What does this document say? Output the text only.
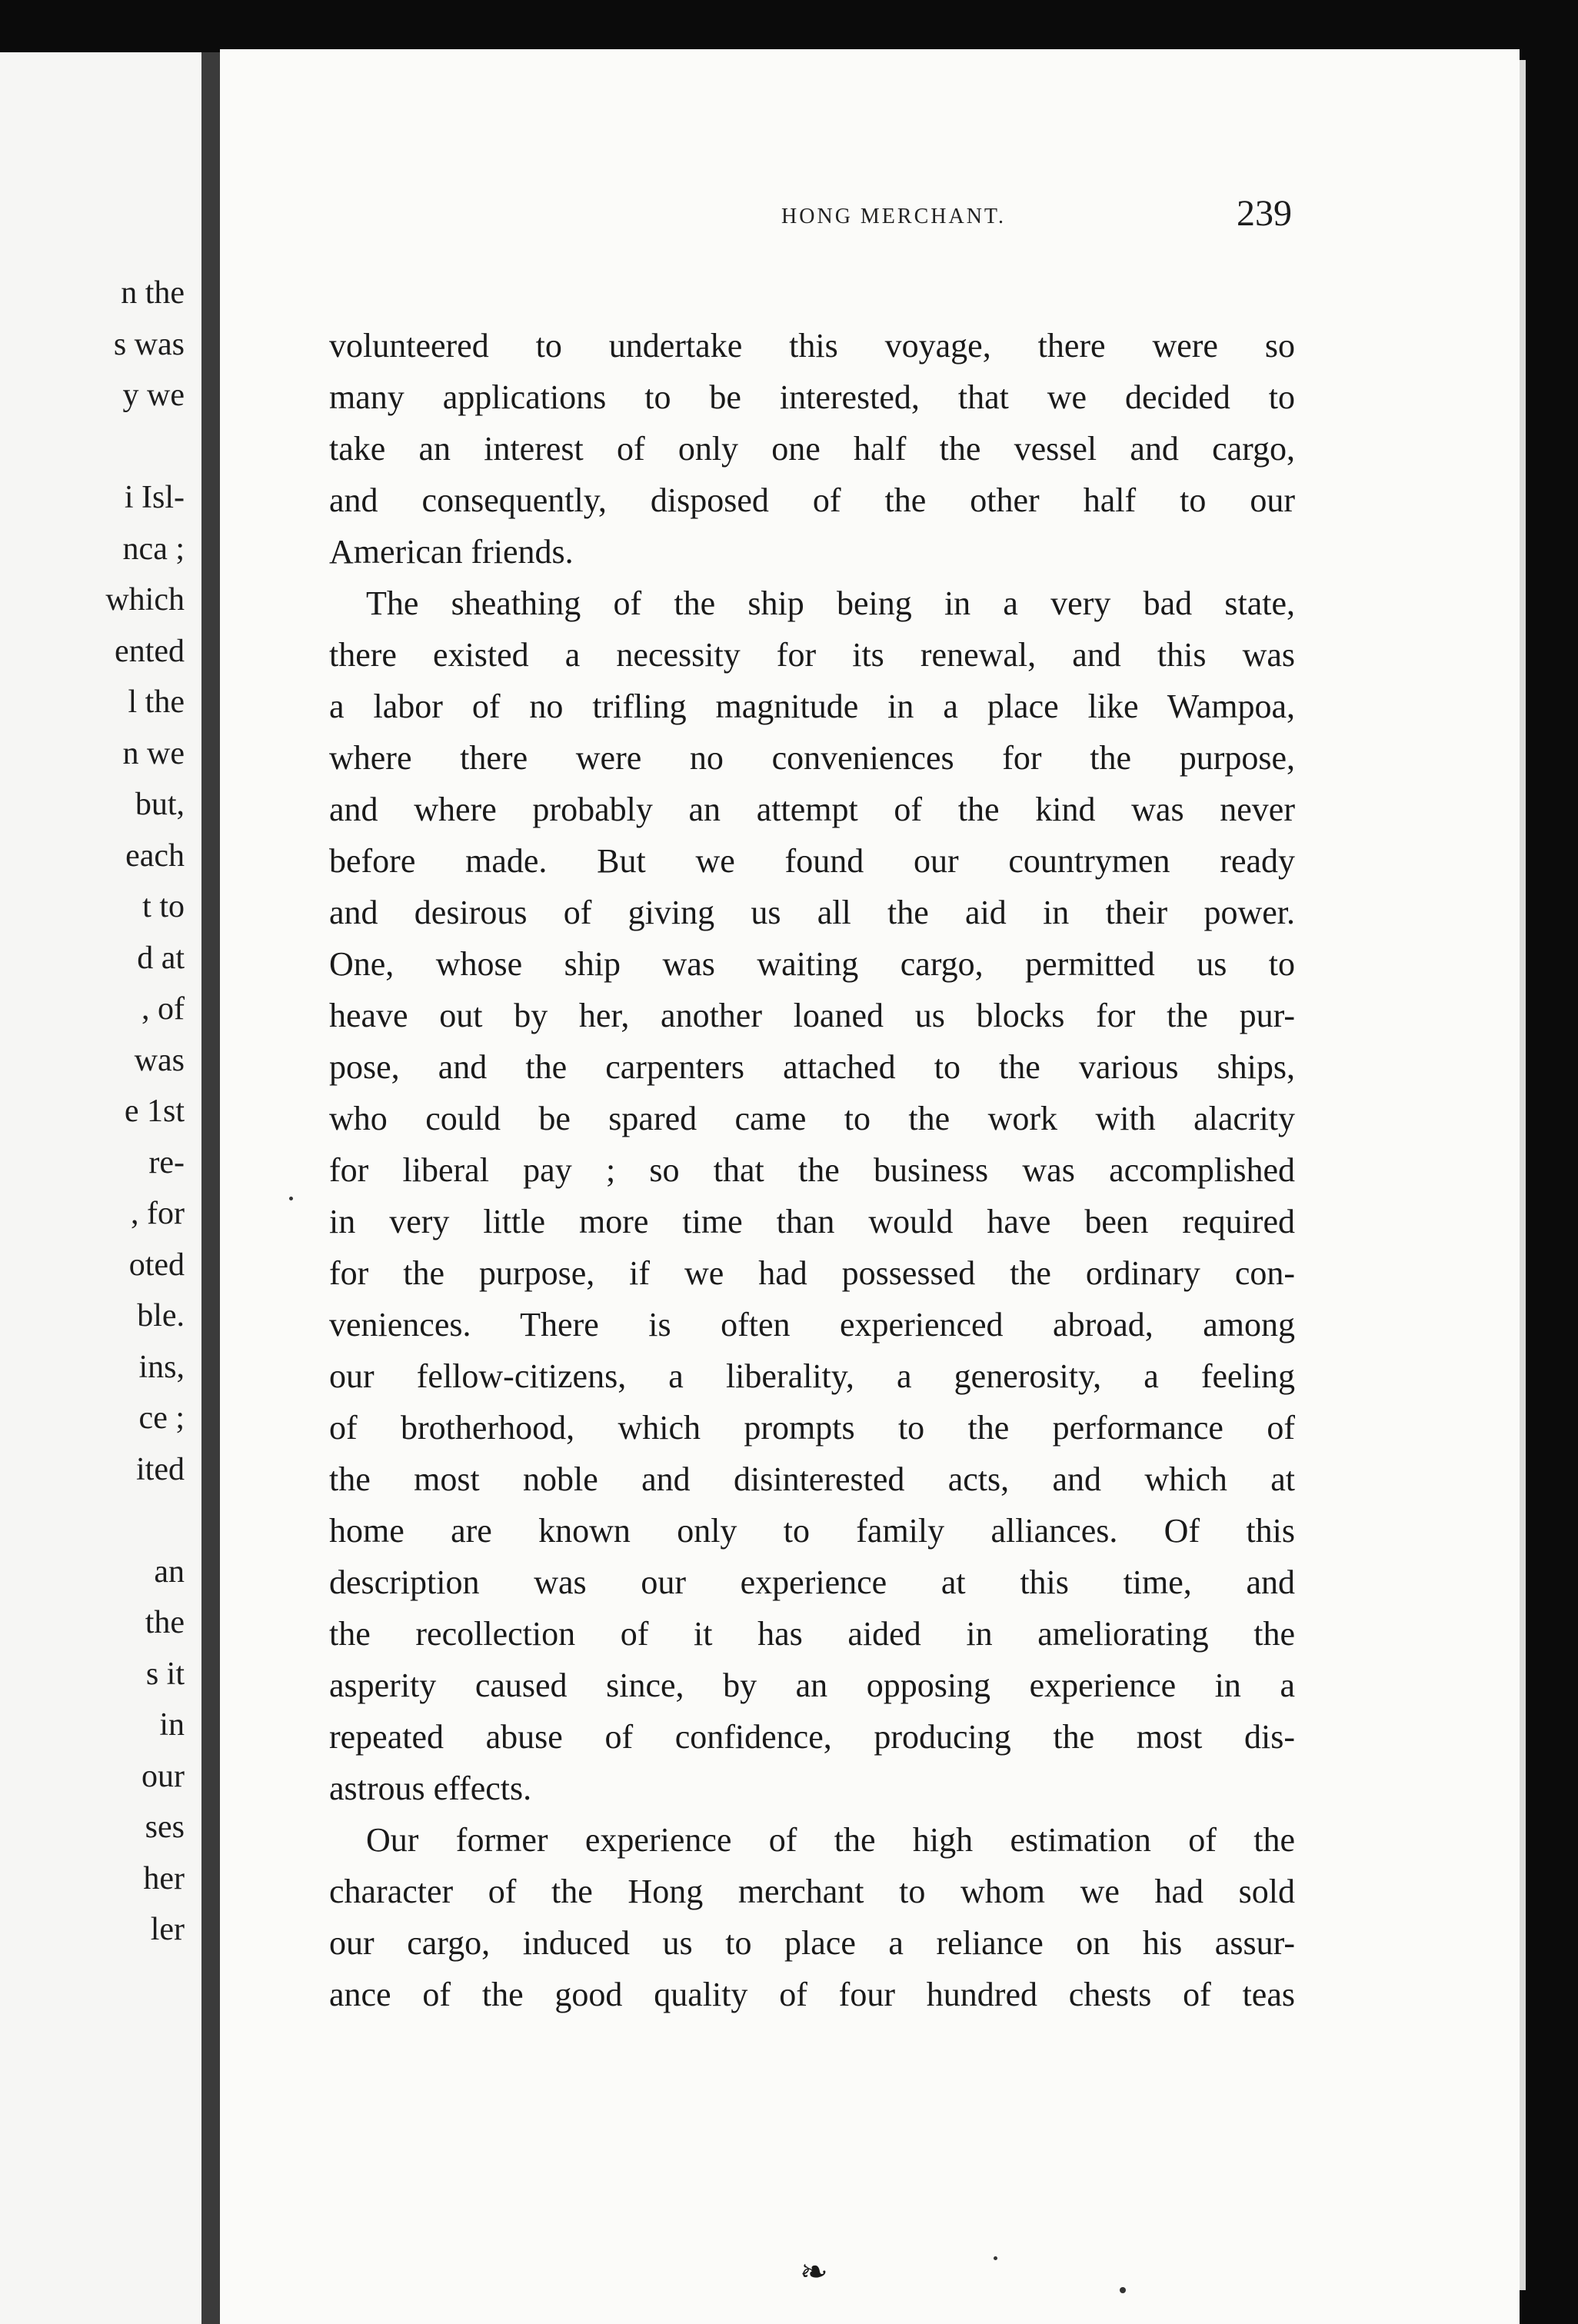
n the
s was
y we
i Isl-
nca ;
which
ented
l the
n we
but,
each
t to
d at
, of
was
e 1st
re-
, for
oted
ble.
ins,
ce ;
ited
an
the
s it
in
our
ses
her
ler
HONG MERCHANT.	239
volunteered to undertake this voyage, there were so
many applications to be interested, that we decided to
take an interest of only one half the vessel and cargo,
and consequently, disposed of the other half to our
American friends.
The sheathing of the ship being in a very bad state,
there existed a necessity for its renewal, and this was
a labor of no trifling magnitude in a place like Wampoa,
where there were no conveniences for the purpose,
and where probably an attempt of the kind was never
before made. But we found our countrymen ready
and desirous of giving us all the aid in their power.
One, whose ship was waiting cargo, permitted us to
heave out by her, another loaned us blocks for the pur-
pose, and the carpenters attached to the various ships,
who could be spared came to the work with alacrity
for liberal pay ; so that the business was accomplished
in very little more time than would have been required
for the purpose, if we had possessed the ordinary con-
veniences. There is often experienced abroad, among
our fellow-citizens, a liberality, a generosity, a feeling
of brotherhood, which prompts to the performance of
the most noble and disinterested acts, and which at
home are known only to family alliances. Of this
description was our experience at this time, and
the recollection of it has aided in ameliorating the
asperity caused since, by an opposing experience in a
repeated abuse of confidence, producing the most dis-
astrous effects.
Our former experience of the high estimation of the
character of the Hong merchant to whom we had sold
our cargo, induced us to place a reliance on his assur-
ance of the good quality of four hundred chests of teas
❧
